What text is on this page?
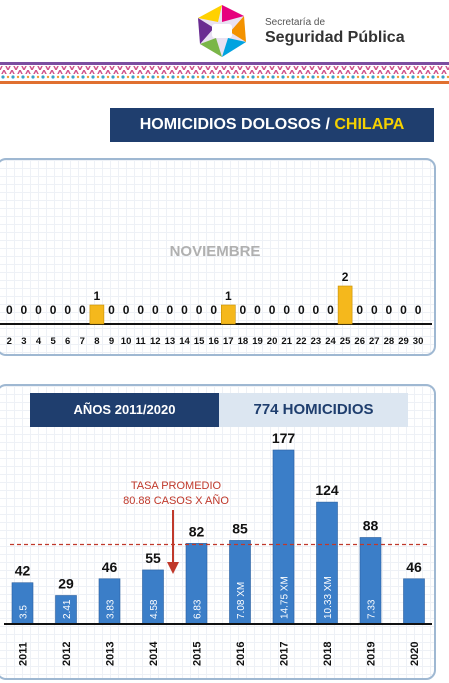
Secretaría de
Seguridad Pública
HOMICIDIOS DOLOSOS / CHILAPA
NOVIEMBRE
2
0
3
0
4
0
5
0
6
0
7
0
8
1
9
0
10
0
11
0
12
0
13
0
14
0
15
0
16
0
17
1
18
0
19
0
20
0
21
0
22
0
23
0
24
0
25
2
26
0
27
0
28
0
29
0
30
0
AÑOS 2011/2020	774 HOMICIDIOS
42
3.5
2011
29
2.41
2012
46
3.83
2013
55
4.58
2014
82
6.83
2015
85
7.08 XM
2016
177
14.75 XM
2017
124
10.33 XM
2018
88
7.33
2019
46
2020
TASA PROMEDIO
80.88 CASOS X AÑO
